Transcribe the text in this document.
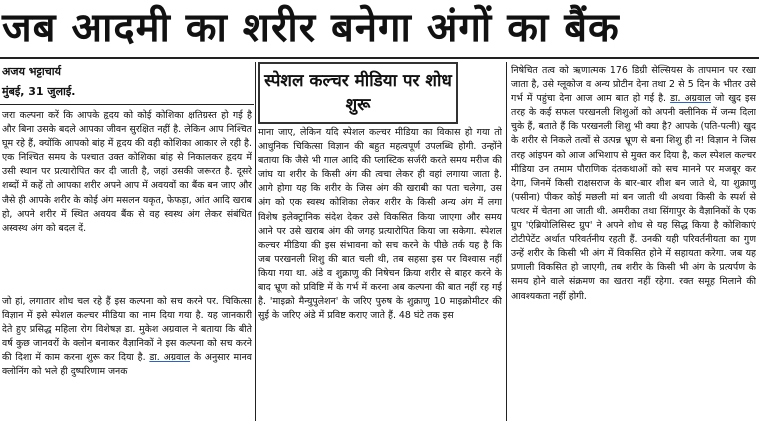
जब आदमी का शरीर बनेगा अंगों का बैंक
अजय भट्टाचार्य
मुंबई, 31 जुलाई.
स्पेशल कल्चर मीडिया पर शोध शुरू

जरा कल्पना करें कि आपके हृदय को कोई कोशिका क्षतिग्रस्त हो गई है और बिना उसके बदले आपका जीवन सुरक्षित नहीं है. लेकिन आप निश्चित घूम रहे हैं, क्योंकि आपको बांह में हृदय की वही कोशिका आकार ले रही है. एक निश्चित समय के पश्चात उक्त कोशिका बांह से निकालकर हृदय में उसी स्थान पर प्रत्यारोपित कर दी जाती है, जहां उसकी जरूरत है. दूसरे शब्दों में कहें तो आपका शरीर अपने आप में अवयवों का बैंक बन जाए और जैसे ही आपके शरीर के कोई अंग मसलन यकृत, फेफड़ा, आंत आदि खराब हो, अपने शरीर में स्थित अवयव बैंक से वह स्वस्थ अंग लेकर संबंधित अस्वस्थ अंग को बदल दें.

जो हां, लगातार शोध चल रहे हैं इस कल्पना को सच करने पर. चिकित्सा विज्ञान में इसे स्पेशल कल्चर मीडिया का नाम दिया गया है. यह जानकारी देते हुए प्रसिद्ध महिला रोग विशेषज्ञ डा. मुकेश अग्रवाल ने बताया कि बीते वर्ष कुछ जानवरों के क्लोन बनाकर वैज्ञानिकों ने इस कल्पना को सच करने की दिशा में काम करना शुरू कर दिया है. डा. अग्रवाल के अनुसार मानव क्लोनिंग को भले ही दुष्परिणाम जनक

माना जाए, लेकिन यदि स्पेशल कल्चर मीडिया का विकास हो गया तो आधुनिक चिकित्सा विज्ञान की बहुत महत्वपूर्ण उपलब्धि होगी. उन्होंने बताया कि जैसे भी गाल आदि की प्लास्टिक सर्जरी करते समय मरीज की जांघ या शरीर के किसी अंग की त्वचा लेकर ही वहां लगाया जाता है. आगे होगा यह कि शरीर के जिस अंग की खराबी का पता चलेगा, उस अंग को एक स्वस्थ कोशिका लेकर शरीर के किसी अन्य अंग में लगा विशेष इलेक्ट्रानिक संदेश देकर उसे विकसित किया जाएगा और समय आने पर उसे खराब अंग की जगह प्रत्यारोपित किया जा सकेगा. स्पेशल कल्चर मीडिया की इस संभावना को सच करने के पीछे तर्क यह है कि जब परखनली शिशु की बात चली थी, तब सहसा इस पर विश्वास नहीं किया गया था. अंडे व शुक्राणु की निषेचन क्रिया शरीर से बाहर करने के बाद भ्रूण को प्रविष्टि में के गर्भ में करना अब कल्पना की बात नहीं रह गई है. 'माइक्रो मैन्युपुलेशन' के जरिए पुरुष के शुक्राणु 10 माइक्रोमीटर की सुई के जरिए अंडे में प्रविष्ट कराए जाते हैं. 48 घंटे तक इस

निषेचित तत्व को ऋणात्मक 176 डिग्री सेल्सियस के तापमान पर रखा जाता है, उसे ग्लूकोज व अन्य प्रोटीन देना तथा 2 से 5 दिन के भीतर उसे गर्भ में पहुंचा देना आज आम बात हो गई है. डा. अग्रवाल जो खुद इस तरह के कई सफल परखनली शिशुओं को अपनी क्लीनिक में जन्म दिला चुके हैं, बताते हैं कि परखनली शिशु भी क्या है? आपके (पति-पत्नी) खुद के शरीर से निकले तत्वों से उत्पन्न भ्रूण से बना शिशु ही न! विज्ञान ने जिस तरह आंइपन को आज अभिशाप से मुक्त कर दिया है, कल स्पेशल कल्चर मीडिया उन तमाम पौराणिक दंतकथाओं को सच मानने पर मजबूर कर देगा, जिनमें किसी राक्षसराज के बार-बार शीश बन जाते थे, या शुक्राणु (पसीना) पीकर कोई मछली मां बन जाती थी अथवा किसी के स्पर्श से पत्थर में चेतना आ जाती थी. अमरीका तथा सिंगापुर के वैज्ञानिकों के एक ग्रुप 'एंब्रियोलिसिस्ट ग्रुप' ने अपने शोध से यह सिद्ध किया है कोशिकाएं टोटीपेटेंट अर्थात परिवर्तनीय रहती हैं. उनकी यही परिवर्तनीयता का गुण उन्हें शरीर के किसी भी अंग में विकसित होने में सहायता करेगा. जब यह प्रणाली विकसित हो जाएगी, तब शरीर के किसी भी अंग के प्रत्यर्पण के समय होने वाले संक्रमण का खतरा नहीं रहेगा. रक्त समूह मिलाने की आवश्यकता नहीं होगी.
